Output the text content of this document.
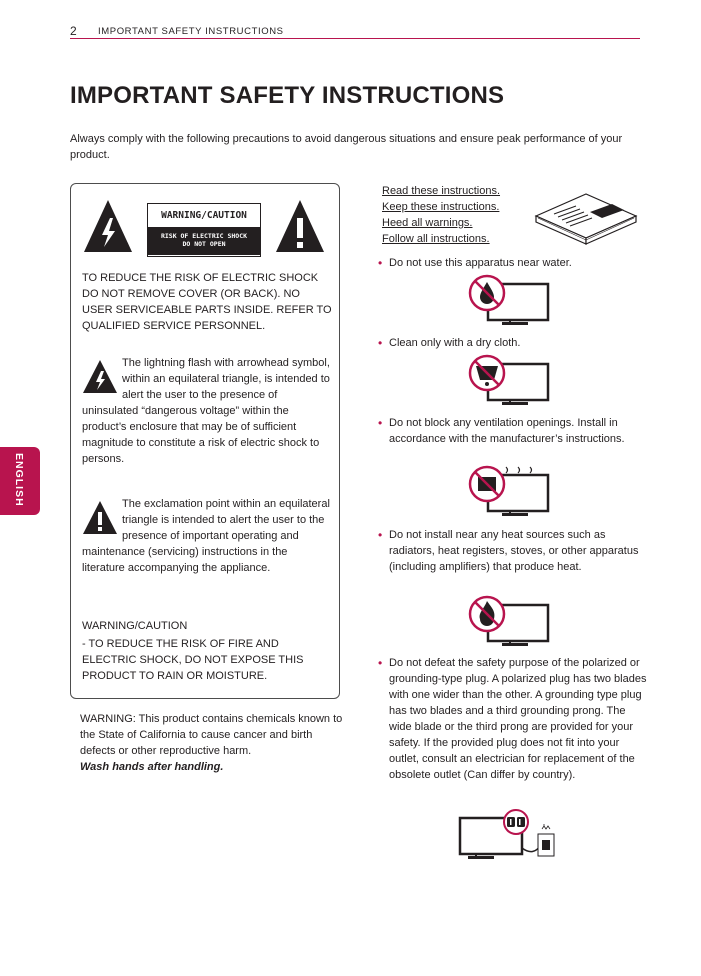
2 IMPORTANT SAFETY INSTRUCTIONS
IMPORTANT SAFETY INSTRUCTIONS
Always comply with the following precautions to avoid dangerous situations and ensure peak performance of your product.
ENGLISH
WARNING/CAUTION
RISK OF ELECTRIC SHOCK
DO NOT OPEN
TO REDUCE THE RISK OF ELECTRIC SHOCK DO NOT REMOVE COVER (OR BACK). NO USER SERVICEABLE PARTS INSIDE. REFER TO QUALIFIED SERVICE PERSONNEL.
The lightning flash with arrowhead symbol, within an equilateral triangle, is intended to alert the user to the presence of uninsulated “dangerous voltage” within the product’s enclosure that may be of sufficient magnitude to constitute a risk of electric shock to persons.
The exclamation point within an equilateral triangle is intended to alert the user to the presence of important operating and maintenance (servicing) instructions in the literature accompanying the appliance.
WARNING/CAUTION
- TO REDUCE THE RISK OF FIRE AND ELECTRIC SHOCK, DO NOT EXPOSE THIS PRODUCT TO RAIN OR MOISTURE.
WARNING: This product contains chemicals known to the State of California to cause cancer and birth defects or other reproductive harm.
Wash hands after handling.
Read these instructions.
Keep these instructions.
Heed all warnings.
Follow all instructions.
• Do not use this apparatus near water.
• Clean only with a dry cloth.
• Do not block any ventilation openings. Install in accordance with the manufacturer’s instructions.
• Do not install near any heat sources such as radiators, heat registers, stoves, or other apparatus (including amplifiers) that produce heat.
• Do not defeat the safety purpose of the polarized or grounding-type plug. A polarized plug has two blades with one wider than the other. A grounding type plug has two blades and a third grounding prong. The wide blade or the third prong are provided for your safety. If the provided plug does not fit into your outlet, consult an electrician for replacement of the obsolete outlet (Can differ by country).
